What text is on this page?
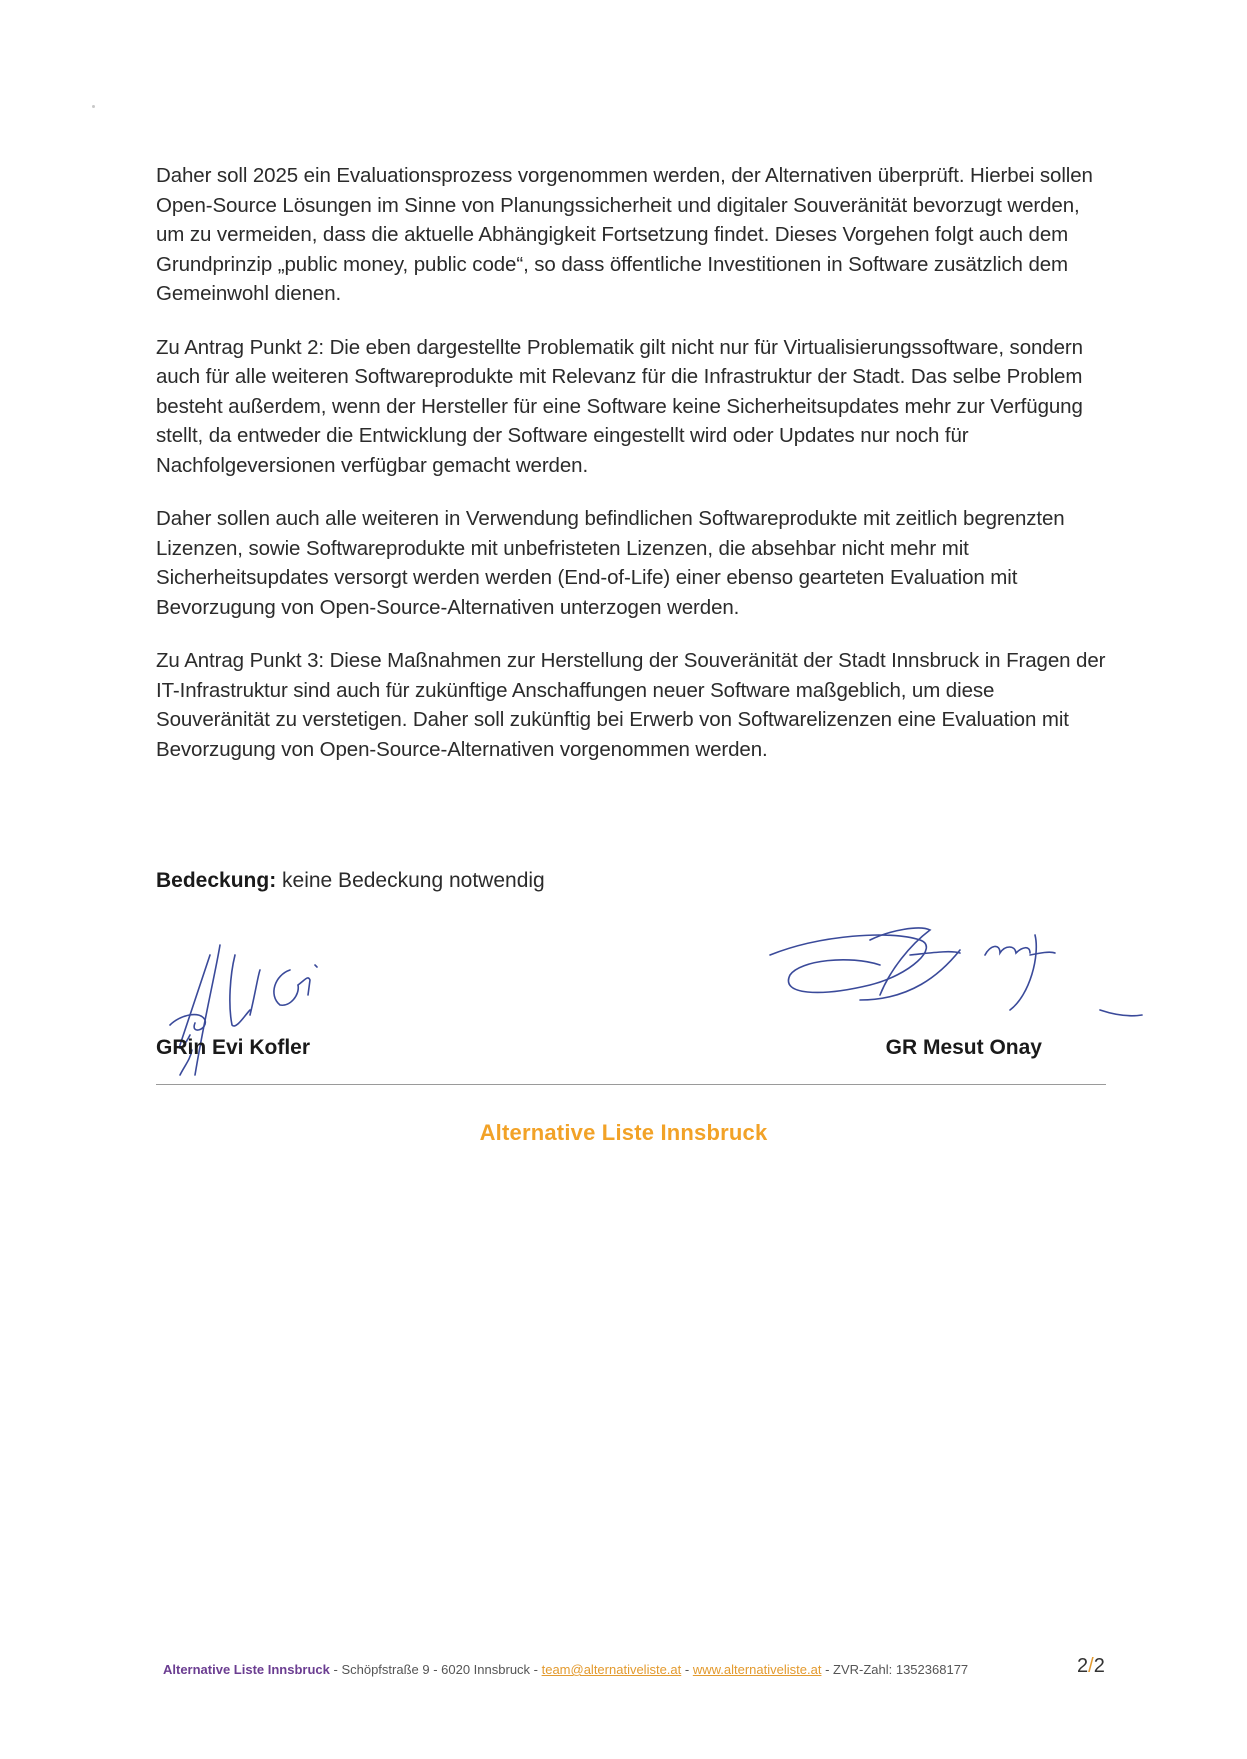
Daher soll 2025 ein Evaluationsprozess vorgenommen werden, der Alternativen überprüft. Hierbei sollen Open-Source Lösungen im Sinne von Planungssicherheit und digitaler Souveränität bevorzugt werden, um zu vermeiden, dass die aktuelle Abhängigkeit Fortsetzung findet. Dieses Vorgehen folgt auch dem Grundprinzip „public money, public code“, so dass öffentliche Investitionen in Software zusätzlich dem Gemeinwohl dienen.

Zu Antrag Punkt 2: Die eben dargestellte Problematik gilt nicht nur für Virtualisierungssoftware, sondern auch für alle weiteren Softwareprodukte mit Relevanz für die Infrastruktur der Stadt. Das selbe Problem besteht außerdem, wenn der Hersteller für eine Software keine Sicherheitsupdates mehr zur Verfügung stellt, da entweder die Entwicklung der Software eingestellt wird oder Updates nur noch für Nachfolgeversionen verfügbar gemacht werden.

Daher sollen auch alle weiteren in Verwendung befindlichen Softwareprodukte mit zeitlich begrenzten Lizenzen, sowie Softwareprodukte mit unbefristeten Lizenzen, die absehbar nicht mehr mit Sicherheitsupdates versorgt werden werden (End-of-Life) einer ebenso gearteten Evaluation mit Bevorzugung von Open-Source-Alternativen unterzogen werden.

Zu Antrag Punkt 3: Diese Maßnahmen zur Herstellung der Souveränität der Stadt Innsbruck in Fragen der IT-Infrastruktur sind auch für zukünftige Anschaffungen neuer Software maßgeblich, um diese Souveränität zu verstetigen. Daher soll zukünftig bei Erwerb von Softwarelizenzen eine Evaluation mit Bevorzugung von Open-Source-Alternativen vorgenommen werden.

Bedeckung: keine Bedeckung notwendig
GRin Evi Kofler	GR Mesut Onay
Alternative Liste Innsbruck
Alternative Liste Innsbruck - Schöpfstraße 9 - 6020 Innsbruck - team@alternativeliste.at - www.alternativeliste.at - ZVR-Zahl: 1352368177	2/2
